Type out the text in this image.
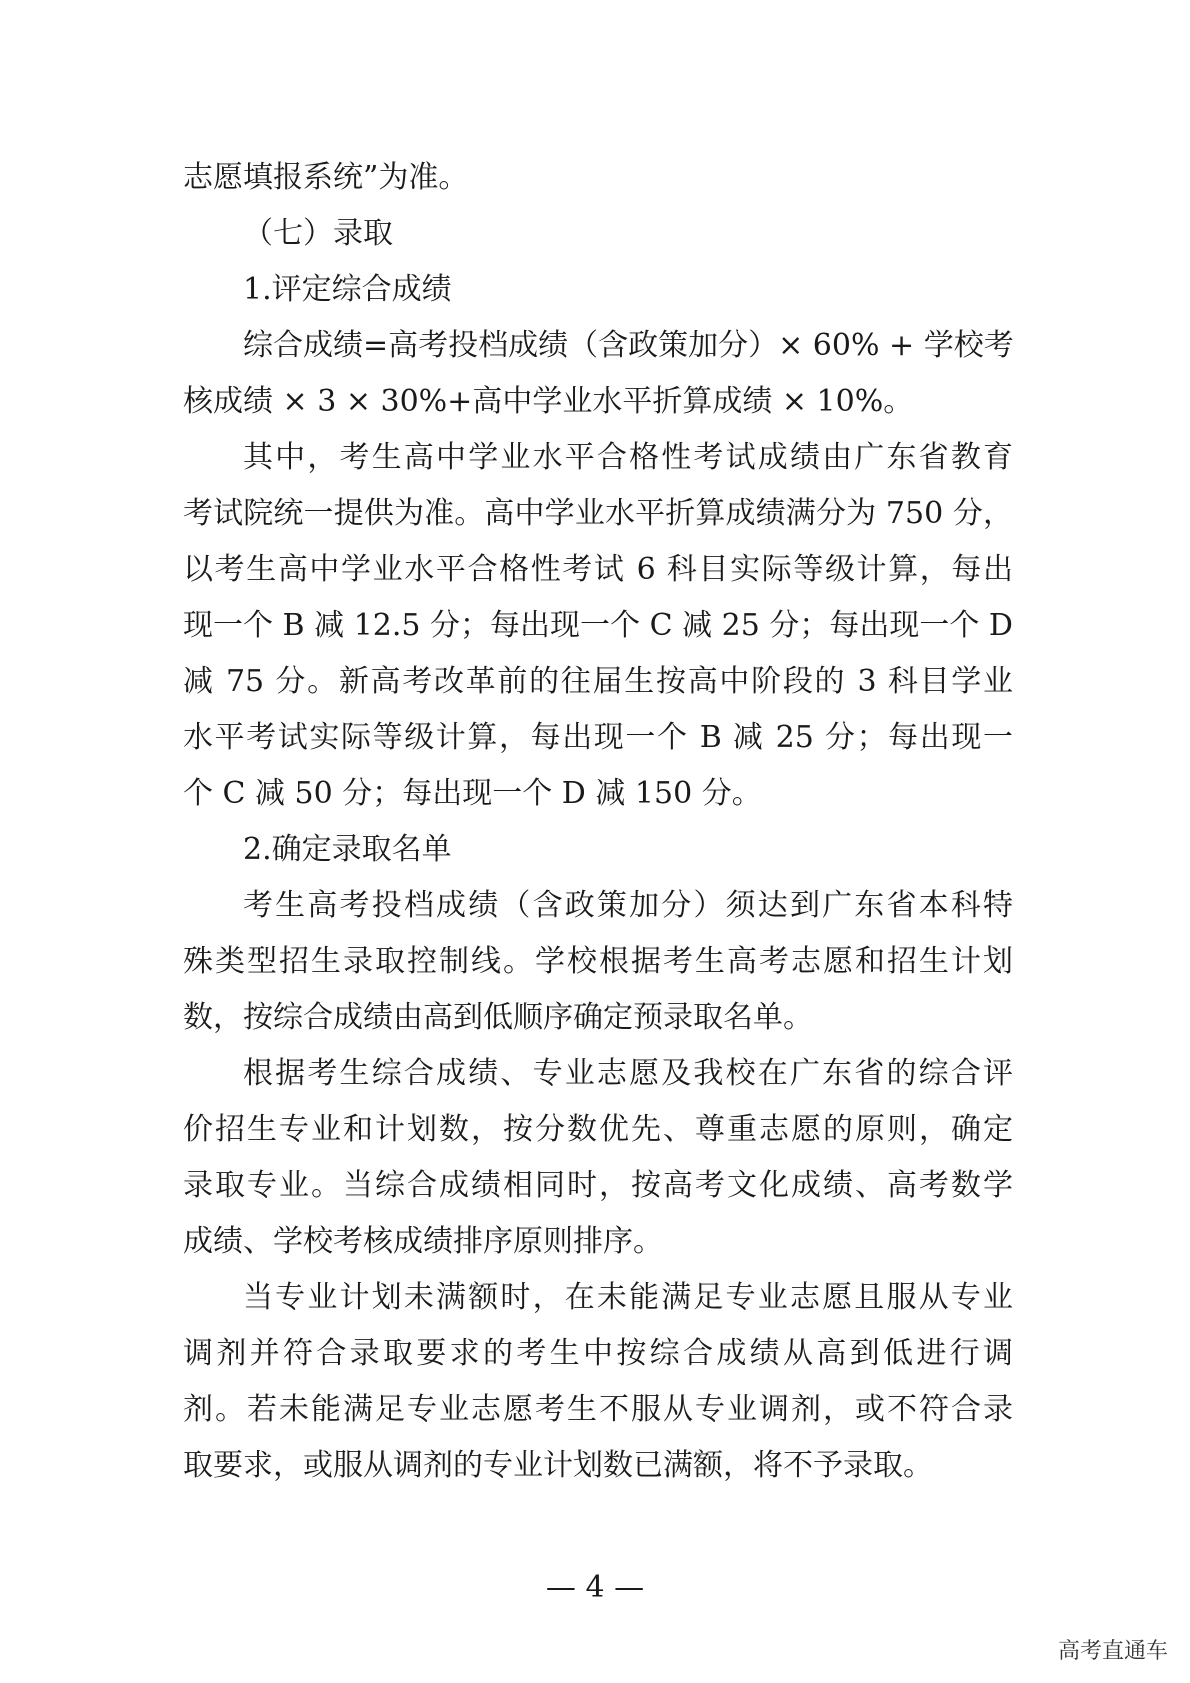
志愿填报系统”为准。
（七）录取
1.评定综合成绩
综合成绩=高考投档成绩（含政策加分）× 60% + 学校考
核成绩 × 3 × 30%+高中学业水平折算成绩 × 10%。
其中，考生高中学业水平合格性考试成绩由广东省教育
考试院统一提供为准。高中学业水平折算成绩满分为 750 分，
以考生高中学业水平合格性考试 6 科目实际等级计算，每出
现一个 B 减 12.5 分；每出现一个 C 减 25 分；每出现一个 D
减 75 分。新高考改革前的往届生按高中阶段的 3 科目学业
水平考试实际等级计算，每出现一个 B 减 25 分；每出现一
个 C 减 50 分；每出现一个 D 减 150 分。
2.确定录取名单
考生高考投档成绩（含政策加分）须达到广东省本科特
殊类型招生录取控制线。学校根据考生高考志愿和招生计划
数，按综合成绩由高到低顺序确定预录取名单。
根据考生综合成绩、专业志愿及我校在广东省的综合评
价招生专业和计划数，按分数优先、尊重志愿的原则，确定
录取专业。当综合成绩相同时，按高考文化成绩、高考数学
成绩、学校考核成绩排序原则排序。
当专业计划未满额时，在未能满足专业志愿且服从专业
调剂并符合录取要求的考生中按综合成绩从高到低进行调
剂。若未能满足专业志愿考生不服从专业调剂，或不符合录
取要求，或服从调剂的专业计划数已满额，将不予录取。
— 4 —
高考直通车
